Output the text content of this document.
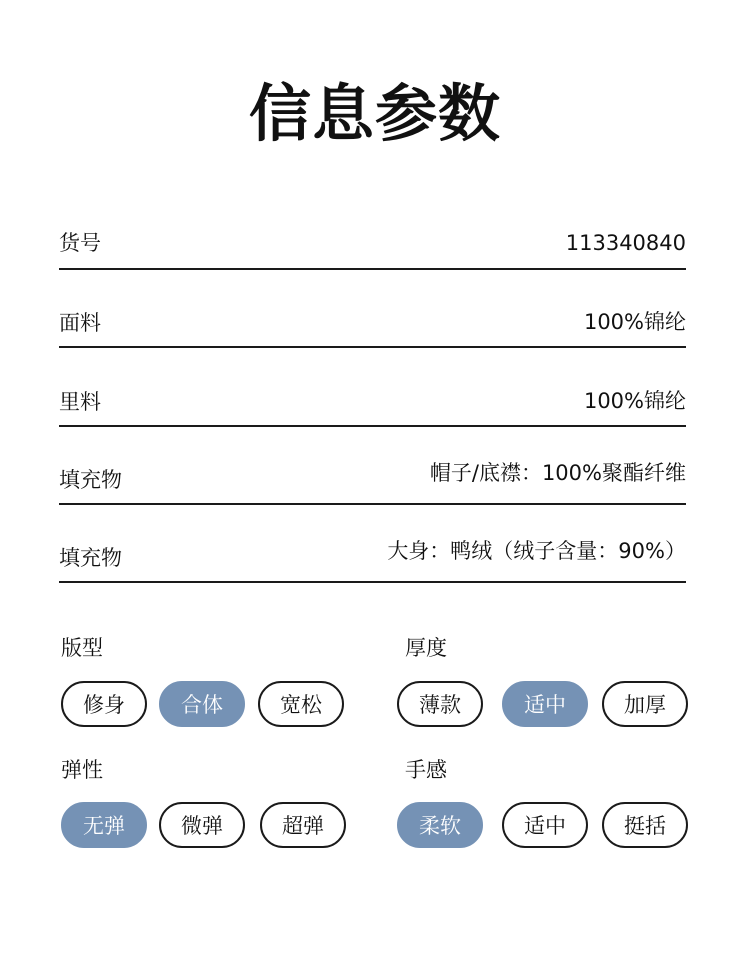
信息参数
货号	113340840
面料	100%锦纶
里料	100%锦纶
填充物	帽子/底襟：100%聚酯纤维
填充物	大身：鸭绒（绒子含量：90%）
版型
修身	合体	宽松
厚度
薄款	适中	加厚
弹性
无弹	微弹	超弹
手感
柔软	适中	挺括
